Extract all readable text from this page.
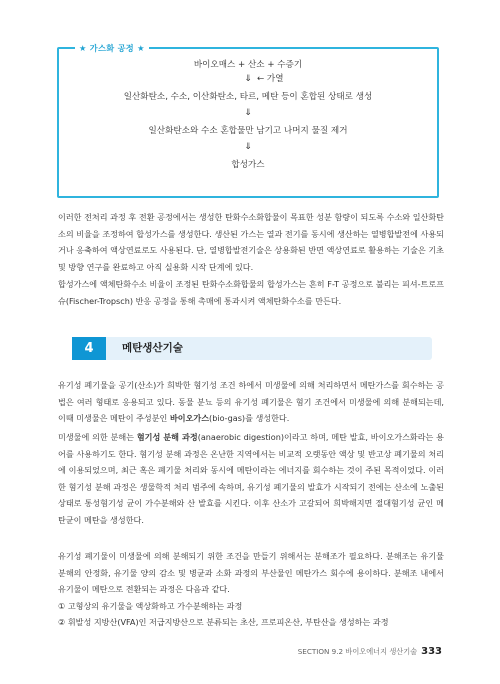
★ 가스화 공정 ★
바이오매스 + 산소 + 수증기
⇓ ← 가열
일산화탄소, 수소, 이산화탄소, 타르, 메탄 등이 혼합된 상태로 생성
⇓
일산화탄소와 수소 혼합물만 남기고 나머지 물질 제거
⇓
합성가스
이러한 전처리 과정 후 전환 공정에서는 생성한 탄화수소화합물이 목표한 성분 함량이 되도록 수소와 일산화탄소의 비율을 조정하여 합성가스를 생성한다. 생산된 가스는 열과 전기를 동시에 생산하는 열병합발전에 사용되거나 응축하여 액상연료로도 사용된다. 단, 열병합발전기술은 상용화된 반면 액상연료로 활용하는 기술은 기초 및 방향 연구를 완료하고 아직 실용화 시작 단계에 있다.
합성가스에 액체탄화수소 비율이 조정된 탄화수소화합물의 합성가스는 흔히 F-T 공정으로 불리는 피셔-트로프슈(Fischer-Tropsch) 반응 공정을 통해 촉매에 통과시켜 액체탄화수소를 만든다.
4	메탄생산기술
유기성 폐기물을 공기(산소)가 희박한 혐기성 조건 하에서 미생물에 의해 처리하면서 메탄가스를 회수하는 공법은 여러 형태로 응용되고 있다. 동물 분뇨 등의 유기성 폐기물은 혐기 조건에서 미생물에 의해 분해되는데, 이때 미생물은 메탄이 주성분인 바이오가스(bio-gas)를 생성한다.
미생물에 의한 분해는 혐기성 분해 과정(anaerobic digestion)이라고 하며, 메탄 발효, 바이오가스화라는 용어를 사용하기도 한다. 혐기성 분해 과정은 온난한 지역에서는 비교적 오랫동안 액상 및 반고상 폐기물의 처리에 이용되었으며, 최근 혹은 폐기물 처리와 동시에 메탄이라는 에너지를 회수하는 것이 주된 목적이었다. 이러한 혐기성 분해 과정은 생물학적 처리 범주에 속하며, 유기성 폐기물의 발효가 시작되기 전에는 산소에 노출된 상태로 통성혐기성 균이 가수분해와 산 발효를 시킨다. 이후 산소가 고갈되어 희박해지면 절대혐기성 균인 메탄균이 메탄을 생성한다.
유기성 폐기물이 미생물에 의해 분해되기 위한 조건을 만들기 위해서는 분해조가 필요하다. 분해조는 유기물 분해의 안정화, 유기물 양의 감소 및 병균과 소화 과정의 부산물인 메탄가스 회수에 용이하다. 분해조 내에서 유기물이 메탄으로 전환되는 과정은 다음과 같다.
① 고형상의 유기물을 액상화하고 가수분해하는 과정
② 휘발성 지방산(VFA)인 저급지방산으로 분류되는 초산, 프로피온산, 부탄산을 생성하는 과정
SECTION 9.2 바이오에너지 생산기술 333
